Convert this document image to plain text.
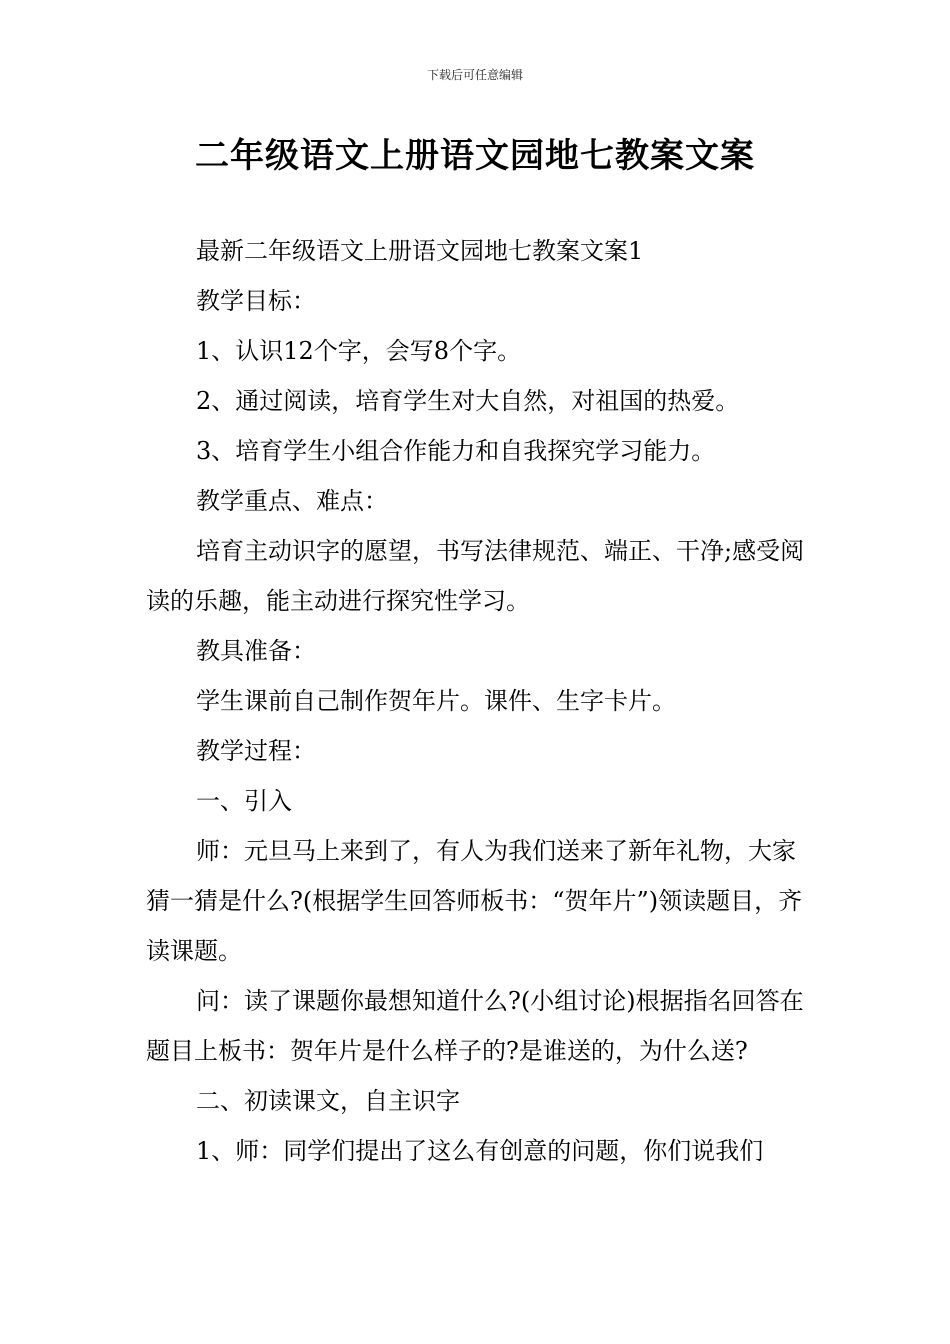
下载后可任意编辑
二年级语文上册语文园地七教案文案

最新二年级语文上册语文园地七教案文案1

教学目标：

1、认识12个字，会写8个字。

2、通过阅读，培育学生对大自然，对祖国的热爱。

3、培育学生小组合作能力和自我探究学习能力。

教学重点、难点：

培育主动识字的愿望，书写法律规范、端正、干净;感受阅读的乐趣，能主动进行探究性学习。

教具准备：

学生课前自己制作贺年片。课件、生字卡片。

教学过程：

一、引入

师：元旦马上来到了，有人为我们送来了新年礼物，大家猜一猜是什么?(根据学生回答师板书：“贺年片”)领读题目，齐读课题。

问：读了课题你最想知道什么?(小组讨论)根据指名回答在题目上板书：贺年片是什么样子的?是谁送的，为什么送?

二、初读课文，自主识字

1、师：同学们提出了这么有创意的问题，你们说我们
